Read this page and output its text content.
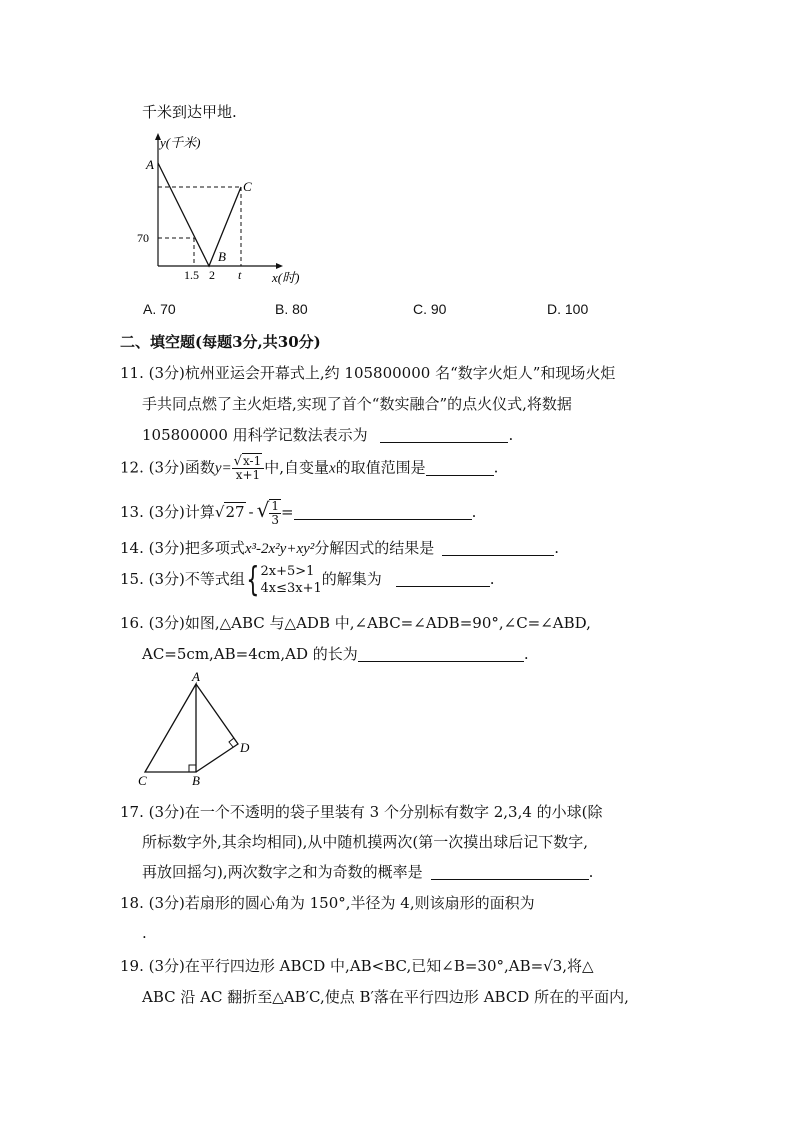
千米到达甲地.
y(千米)
A
C
B
70
1.5 2 t x(时)
A. 70	B. 80	C. 90	D. 100
二、填空题(每题3分,共30分)
11. (3分)杭州亚运会开幕式上,约 105800000 名“数字火炬人”和现场火炬
手共同点燃了主火炬塔,实现了首个“数实融合”的点火仪式,将数据
105800000 用科学记数法表示为	.
12. (3分)函数$y= \frac{√x-1}{x+1}$ 中,自变量x的取值范围是	.
13. (3分)计算√27 - √ $\frac{1}{3}$ =	.
14. (3分)把多项式x³-2x²y+xy²分解因式的结果是	.
15. (3分)不等式组{ 2x+5>1
4x≤3x+1
的解集为	.
16. (3分)如图,△ABC 与△ADB 中,∠ABC=∠ADB=90°,∠C=∠ABD,
AC=5cm,AB=4cm,AD 的长为	.
A
C	B
D
17. (3分)在一个不透明的袋子里装有 3 个分别标有数字 2,3,4 的小球(除
所标数字外,其余均相同),从中随机摸两次(第一次摸出球后记下数字,
再放回摇匀),两次数字之和为奇数的概率是	.
18. (3分)若扇形的圆心角为 150°,半径为 4,则该扇形的面积为
.
19. (3分)在平行四边形 ABCD 中,AB<BC,已知∠B=30°,AB=√3,将△
ABC 沿 AC 翻折至△AB′C,使点 B′落在平行四边形 ABCD 所在的平面内,
